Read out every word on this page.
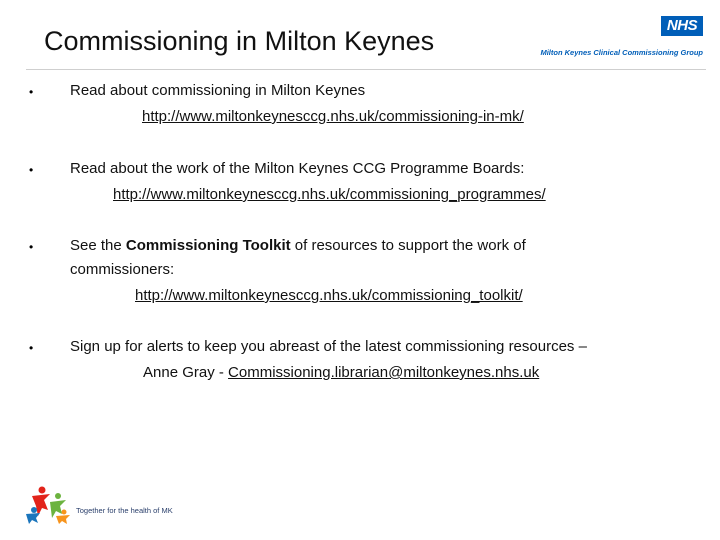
Commissioning in Milton Keynes
NHS
Milton Keynes Clinical Commissioning Group
• Read about commissioning in Milton Keynes
http://www.miltonkeynesccg.nhs.uk/commissioning-in-mk/
• Read about the work of the Milton Keynes CCG Programme Boards:
http://www.miltonkeynesccg.nhs.uk/commissioning_programmes/
• See the Commissioning Toolkit of resources to support the work of
commissioners:
http://www.miltonkeynesccg.nhs.uk/commissioning_toolkit/
• Sign up for alerts to keep you abreast of the latest commissioning resources –
Anne Gray - Commissioning.librarian@miltonkeynes.nhs.uk
Together for the health of MK
